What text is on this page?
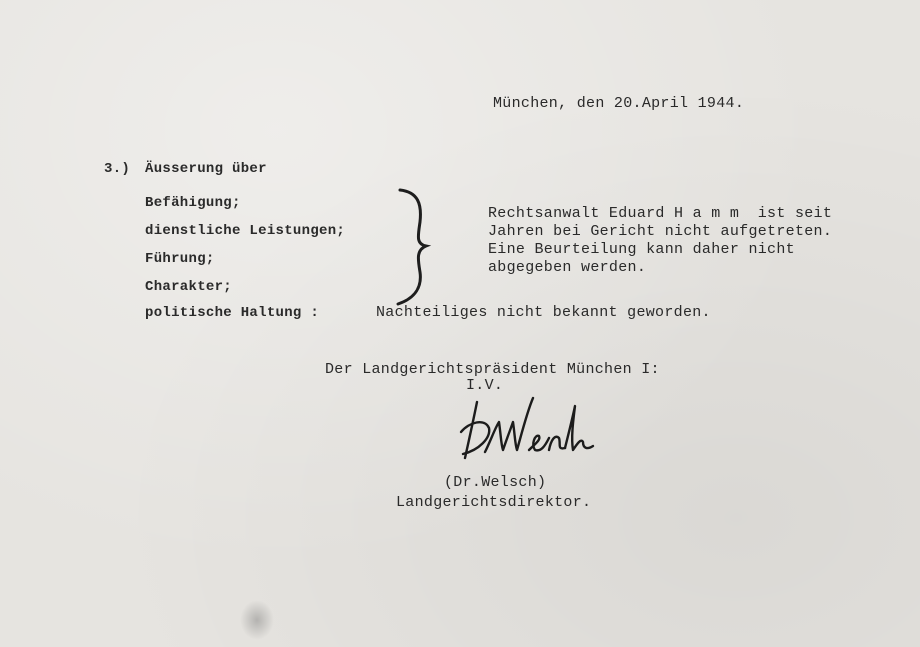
München, den 20.April 1944.
3.) Äusserung über
Befähigung;
dienstliche Leistungen;
Führung;
Charakter;
politische Haltung :	Nachteiliges nicht bekannt geworden.
Rechtsanwalt Eduard H a m m  ist seit
Jahren bei Gericht nicht aufgetreten.
Eine Beurteilung kann daher nicht
abgegeben werden.
Der Landgerichtspräsident München I:
I.V.
(Dr.Welsch)
Landgerichtsdirektor.
